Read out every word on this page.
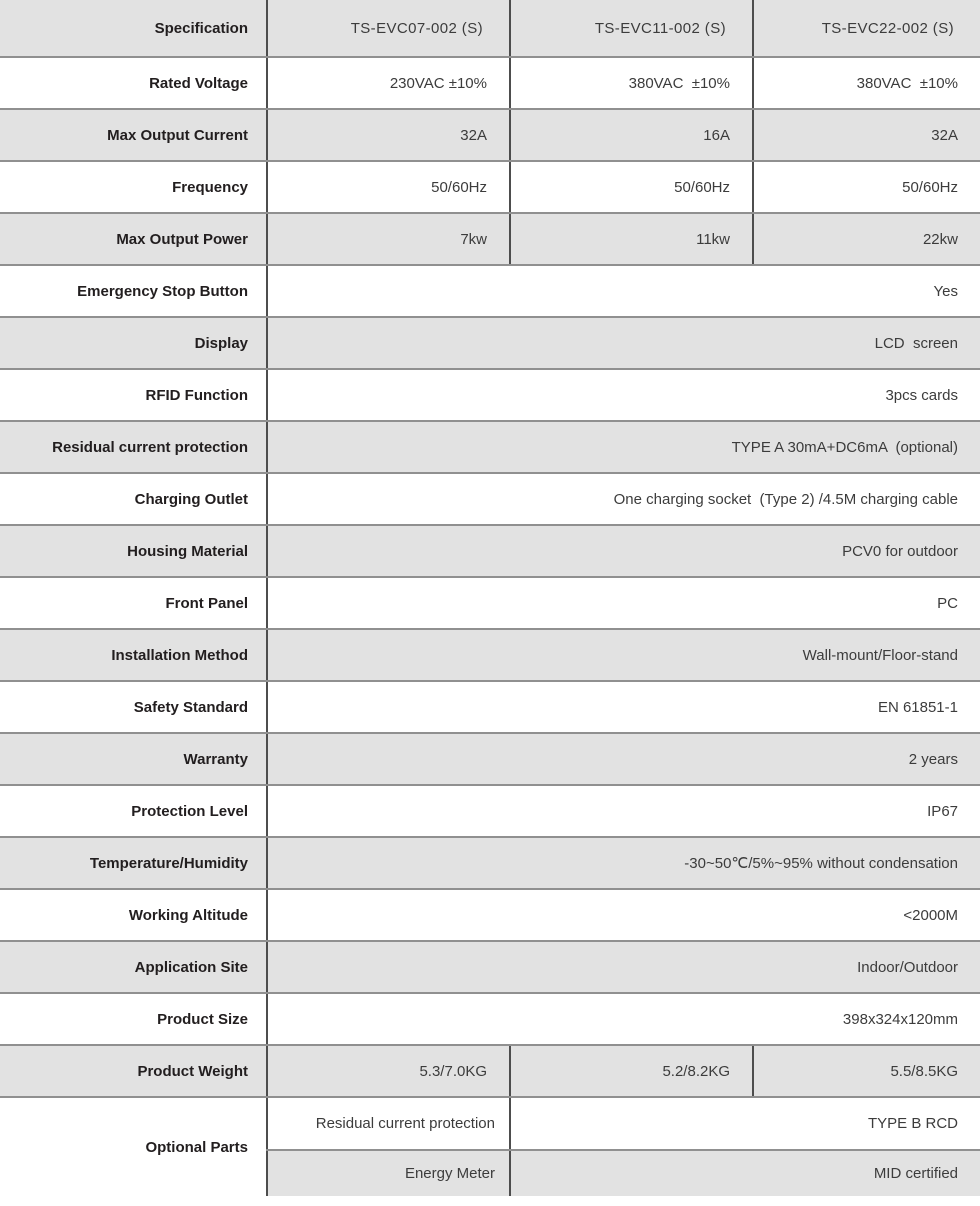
Specification	TS-EVC07-002 (S)	TS-EVC11-002 (S)	TS-EVC22-002 (S)
Rated Voltage	230VAC ±10%	380VAC  ±10%	380VAC  ±10%
Max Output Current	32A	16A	32A
Frequency	50/60Hz	50/60Hz	50/60Hz
Max Output Power	7kw	11kw	22kw
Emergency Stop Button	Yes		
Display	LCD  screen		
RFID Function	3pcs cards		
Residual current protection	TYPE A 30mA+DC6mA  (optional)		
Charging Outlet	One charging socket  (Type 2) /4.5M charging cable		
Housing Material	PCV0 for outdoor		
Front Panel	PC		
Installation Method	Wall-mount/Floor-stand		
Safety Standard	EN 61851-1		
Warranty	2 years		
Protection Level	IP67		
Temperature/Humidity	-30~50℃/5%~95% without condensation		
Working Altitude	<2000M		
Application Site	Indoor/Outdoor		
Product Size	398x324x120mm		
Product Weight	5.3/7.0KG	5.2/8.2KG	5.5/8.5KG
Optional Parts	Residual current protection	TYPE B RCD	
	Energy Meter	MID certified	
